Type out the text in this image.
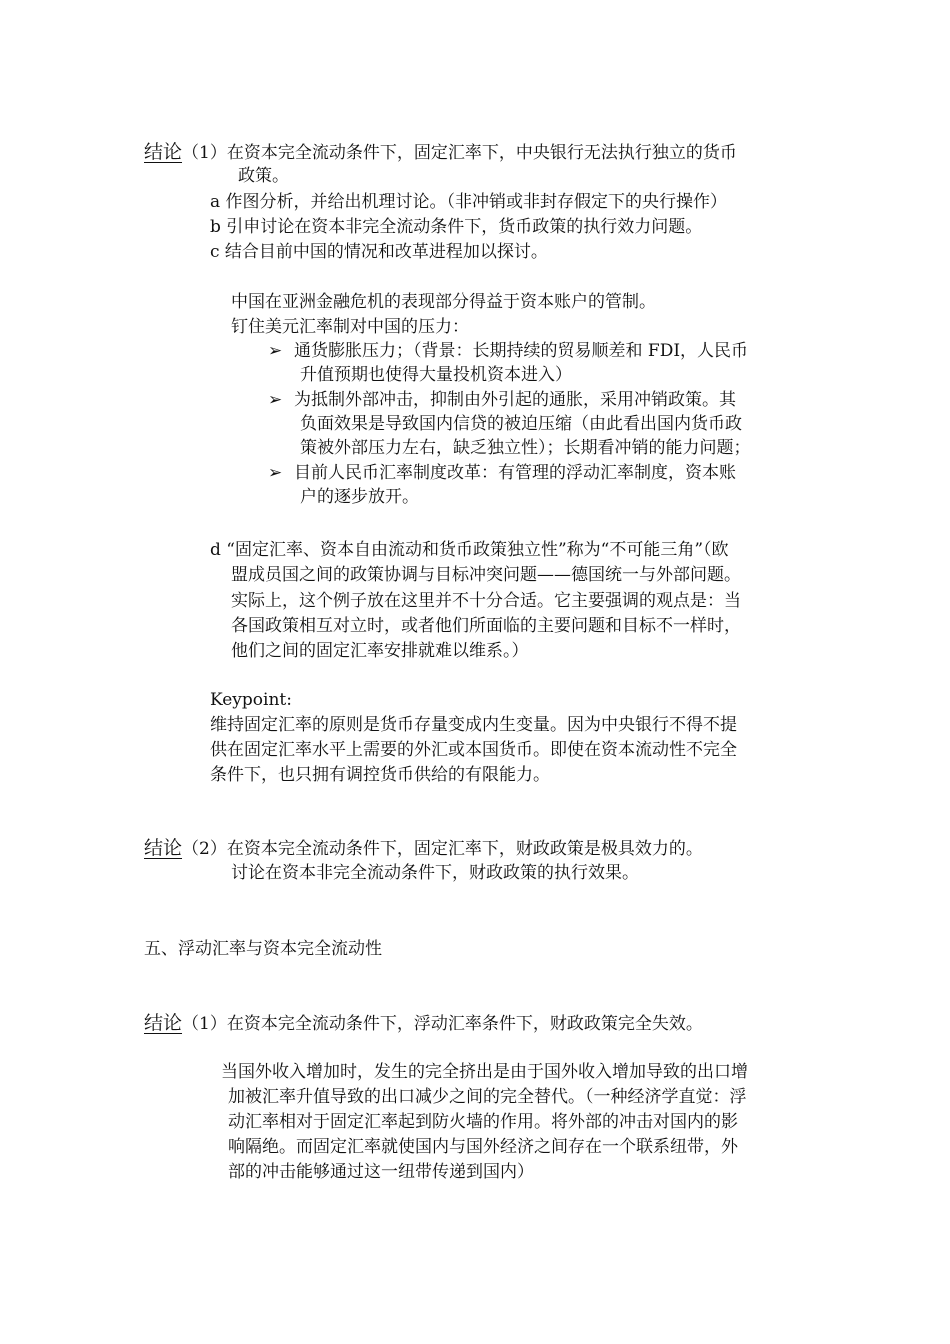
结论（1）在资本完全流动条件下，固定汇率下，中央银行无法执行独立的货币

政策。

a 作图分析，并给出机理讨论。（非冲销或非封存假定下的央行操作）

b 引申讨论在资本非完全流动条件下，货币政策的执行效力问题。

c 结合目前中国的情况和改革进程加以探讨。

中国在亚洲金融危机的表现部分得益于资本账户的管制。

钉住美元汇率制对中国的压力：

➢ 通货膨胀压力；（背景：长期持续的贸易顺差和 FDI，人民币

升值预期也使得大量投机资本进入）

➢ 为抵制外部冲击，抑制由外引起的通胀，采用冲销政策。其

负面效果是导致国内信贷的被迫压缩（由此看出国内货币政

策被外部压力左右，缺乏独立性）；长期看冲销的能力问题；

➢ 目前人民币汇率制度改革：有管理的浮动汇率制度，资本账

户的逐步放开。

d “固定汇率、资本自由流动和货币政策独立性”称为“不可能三角”（欧

盟成员国之间的政策协调与目标冲突问题——德国统一与外部问题。

实际上，这个例子放在这里并不十分合适。它主要强调的观点是：当

各国政策相互对立时，或者他们所面临的主要问题和目标不一样时，

他们之间的固定汇率安排就难以维系。）

Keypoint:

维持固定汇率的原则是货币存量变成内生变量。因为中央银行不得不提

供在固定汇率水平上需要的外汇或本国货币。即使在资本流动性不完全

条件下，也只拥有调控货币供给的有限能力。

结论（2）在资本完全流动条件下，固定汇率下，财政政策是极具效力的。

讨论在资本非完全流动条件下，财政政策的执行效果。

五、浮动汇率与资本完全流动性

结论（1）在资本完全流动条件下，浮动汇率条件下，财政政策完全失效。

当国外收入增加时，发生的完全挤出是由于国外收入增加导致的出口增

加被汇率升值导致的出口减少之间的完全替代。（一种经济学直觉：浮

动汇率相对于固定汇率起到防火墙的作用。将外部的冲击对国内的影

响隔绝。而固定汇率就使国内与国外经济之间存在一个联系纽带，外

部的冲击能够通过这一纽带传递到国内）
